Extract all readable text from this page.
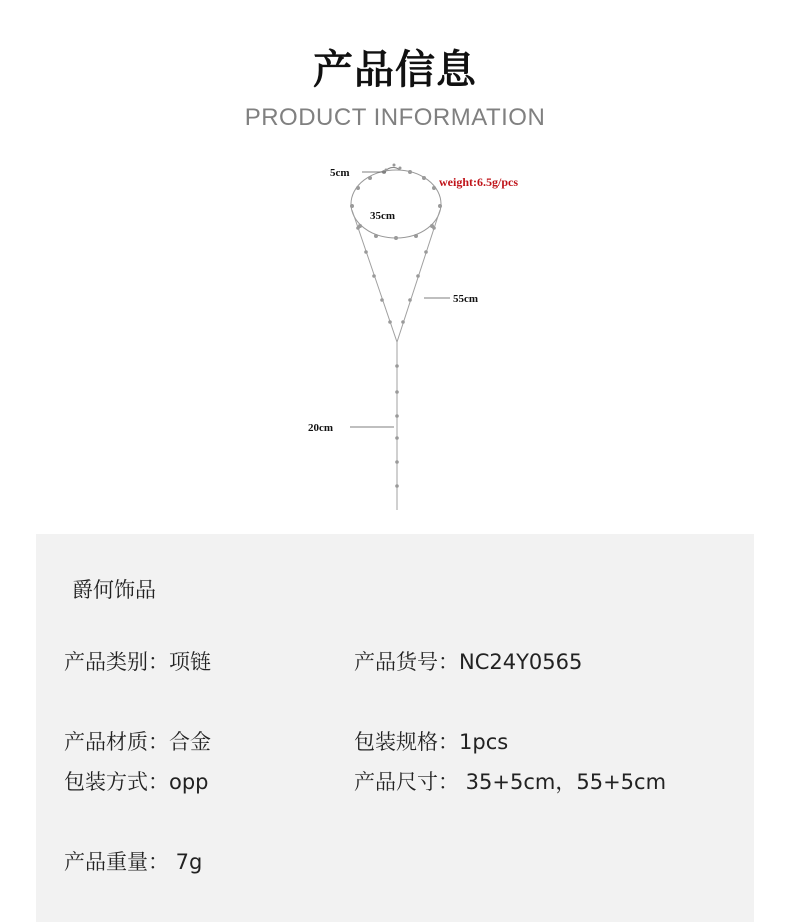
产品信息
PRODUCT INFORMATION
5cm
35cm
weight:6.5g/pcs
55cm
20cm
爵何饰品
产品类别：项链	产品货号：NC24Y0565
产品材质：合金	包装规格：1pcs
包装方式：opp	产品尺寸： 35+5cm，55+5cm
产品重量： 7g
